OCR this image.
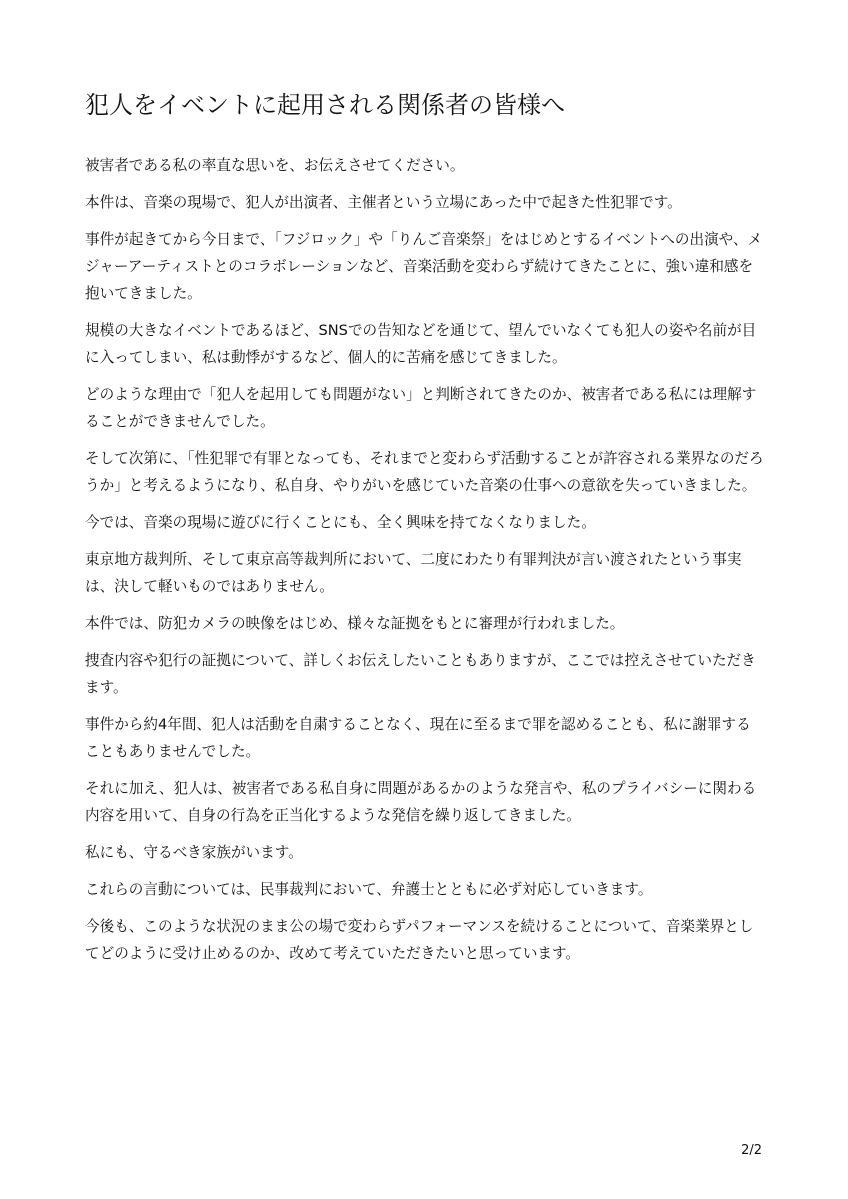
犯人をイベントに起用される関係者の皆様へ

被害者である私の率直な思いを、お伝えさせてください。

本件は、音楽の現場で、犯人が出演者、主催者という立場にあった中で起きた性犯罪です。

事件が起きてから今日まで、「フジロック」や「りんご音楽祭」をはじめとするイベントへの出演や、メジャーアーティストとのコラボレーションなど、音楽活動を変わらず続けてきたことに、強い違和感を抱いてきました。

規模の大きなイベントであるほど、SNSでの告知などを通じて、望んでいなくても犯人の姿や名前が目に入ってしまい、私は動悸がするなど、個人的に苦痛を感じてきました。

どのような理由で「犯人を起用しても問題がない」と判断されてきたのか、被害者である私には理解することができませんでした。

そして次第に、「性犯罪で有罪となっても、それまでと変わらず活動することが許容される業界なのだろうか」と考えるようになり、私自身、やりがいを感じていた音楽の仕事への意欲を失っていきました。

今では、音楽の現場に遊びに行くことにも、全く興味を持てなくなりました。

東京地方裁判所、そして東京高等裁判所において、二度にわたり有罪判決が言い渡されたという事実は、決して軽いものではありません。

本件では、防犯カメラの映像をはじめ、様々な証拠をもとに審理が行われました。

捜査内容や犯行の証拠について、詳しくお伝えしたいこともありますが、ここでは控えさせていただきます。

事件から約4年間、犯人は活動を自粛することなく、現在に至るまで罪を認めることも、私に謝罪することもありませんでした。

それに加え、犯人は、被害者である私自身に問題があるかのような発言や、私のプライバシーに関わる内容を用いて、自身の行為を正当化するような発信を繰り返してきました。

私にも、守るべき家族がいます。

これらの言動については、民事裁判において、弁護士とともに必ず対応していきます。

今後も、このような状況のまま公の場で変わらずパフォーマンスを続けることについて、音楽業界としてどのように受け止めるのか、改めて考えていただきたいと思っています。

2/2
